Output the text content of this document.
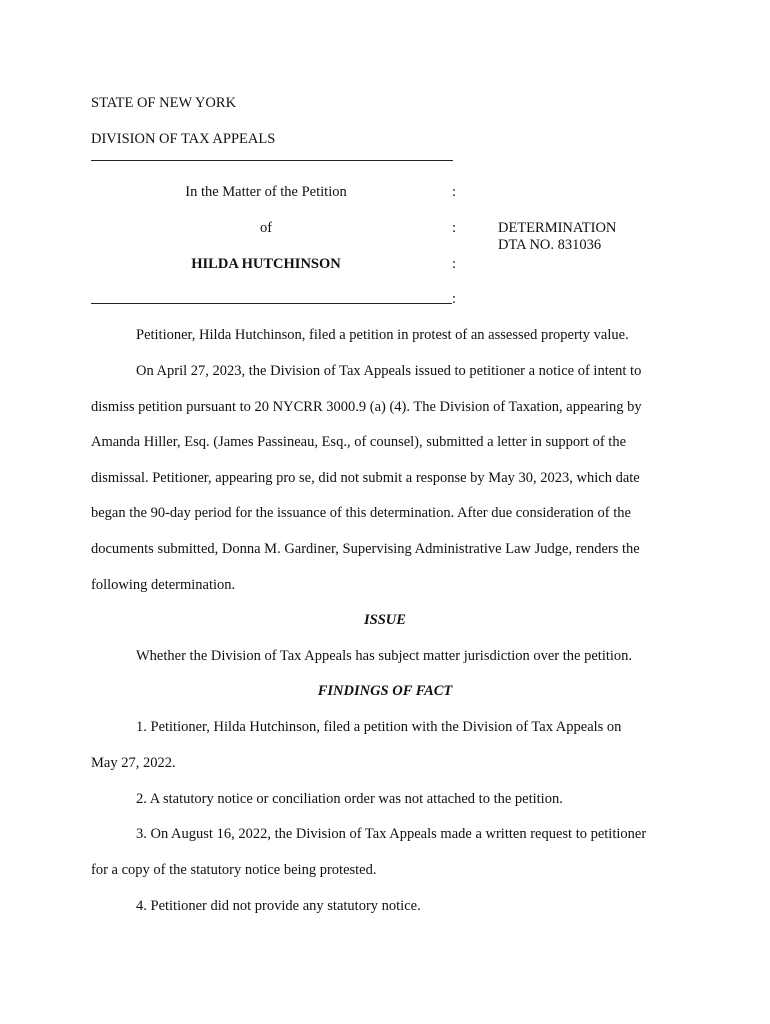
STATE OF NEW YORK
DIVISION OF TAX APPEALS
In the Matter of the Petition	:
of	:	DETERMINATION
DTA NO. 831036
HILDA HUTCHINSON	:
:
Petitioner, Hilda Hutchinson, filed a petition in protest of an assessed property value.
On April 27, 2023, the Division of Tax Appeals issued to petitioner a notice of intent to
dismiss petition pursuant to 20 NYCRR 3000.9 (a) (4). The Division of Taxation, appearing by
Amanda Hiller, Esq. (James Passineau, Esq., of counsel), submitted a letter in support of the
dismissal. Petitioner, appearing pro se, did not submit a response by May 30, 2023, which date
began the 90-day period for the issuance of this determination. After due consideration of the
documents submitted, Donna M. Gardiner, Supervising Administrative Law Judge, renders the
following determination.
ISSUE
Whether the Division of Tax Appeals has subject matter jurisdiction over the petition.
FINDINGS OF FACT
1. Petitioner, Hilda Hutchinson, filed a petition with the Division of Tax Appeals on
May 27, 2022.
2. A statutory notice or conciliation order was not attached to the petition.
3. On August 16, 2022, the Division of Tax Appeals made a written request to petitioner
for a copy of the statutory notice being protested.
4. Petitioner did not provide any statutory notice.
